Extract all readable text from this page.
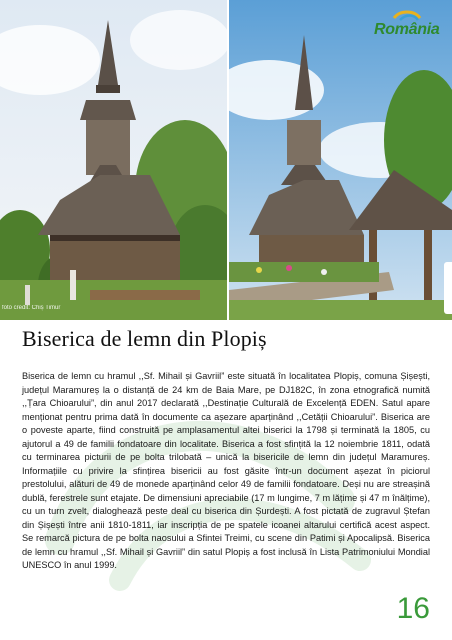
foto credit: Chiș Timur
România
Biserica de lemn din Plopiș

Biserica de lemn cu hramul ,,Sf. Mihail și Gavriil” este situată în localitatea Plopiș, comuna Șișești, județul Maramureș la o distanță de 24 km de Baia Mare, pe DJ182C, în zona etnografică numită ,,Țara Chioarului”, din anul 2017 declarată ,,Destinație Culturală de Excelență EDEN. Satul apare menționat pentru prima dată în documente ca așezare aparținând ,,Cetății Chioarului”. Biserica are o poveste aparte, fiind construită pe amplasamentul altei biserici la 1798 și terminată la 1805, cu ajutorul a 49 de familii fondatoare din localitate. Biserica a fost sfințită la 12 noiembrie 1811, odată cu terminarea picturii de pe bolta trilobată – unică la bisericile de lemn din județul Maramureș. Informațiile cu privire la sfințirea bisericii au fost găsite într-un document așezat în piciorul prestolului, alături de 49 de monede aparținând celor 49 de familii fondatoare. Deși nu are streașină dublă, ferestrele sunt etajate. De dimensiuni apreciabile (17 m lungime, 7 m lățime și 47 m înălțime), cu un turn zvelt, dialoghează peste deal cu biserica din Șurdești. A fost pictată de zugravul Ștefan din Șișești între anii 1810-1811, iar inscripția de pe spatele icoanei altarului certifică acest aspect. Se remarcă pictura de pe bolta naosului a Sfintei Treimi, cu scene din Patimi și Apocalipsă. Biserica de lemn cu hramul ,,Sf. Mihail și Gavriil” din satul Plopiș a fost inclusă în Lista Patrimoniului Mondial UNESCO în anul 1999.

16
